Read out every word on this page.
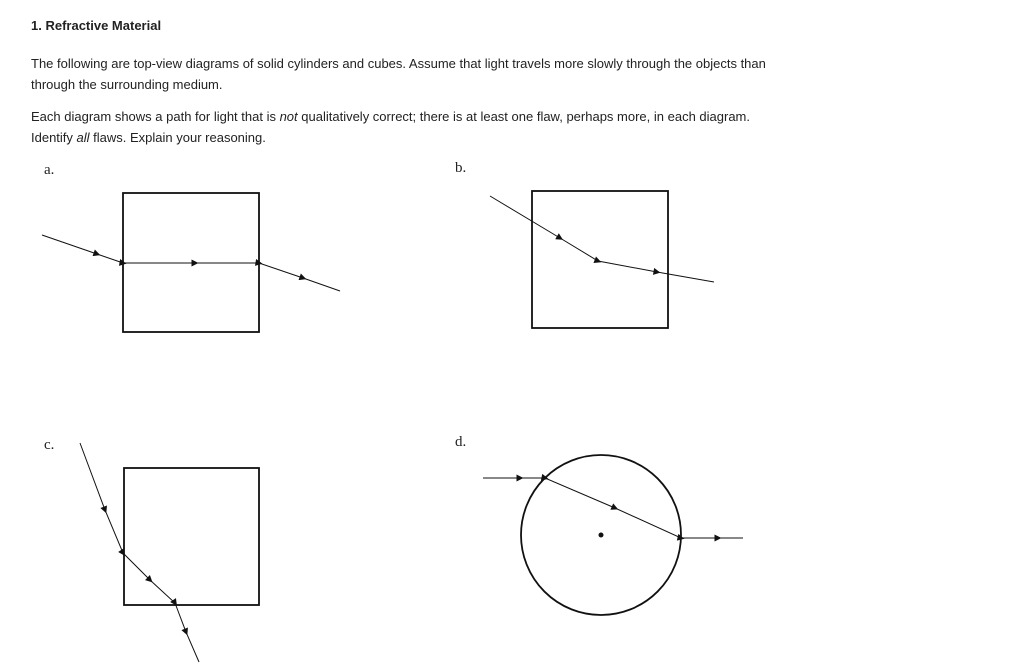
1. Refractive Material
The following are top-view diagrams of solid cylinders and cubes. Assume that light travels more slowly through the objects than through the surrounding medium.
Each diagram shows a path for light that is not qualitatively correct; there is at least one flaw, perhaps more, in each diagram. Identify all flaws. Explain your reasoning.
a.	b.
c.	d.
